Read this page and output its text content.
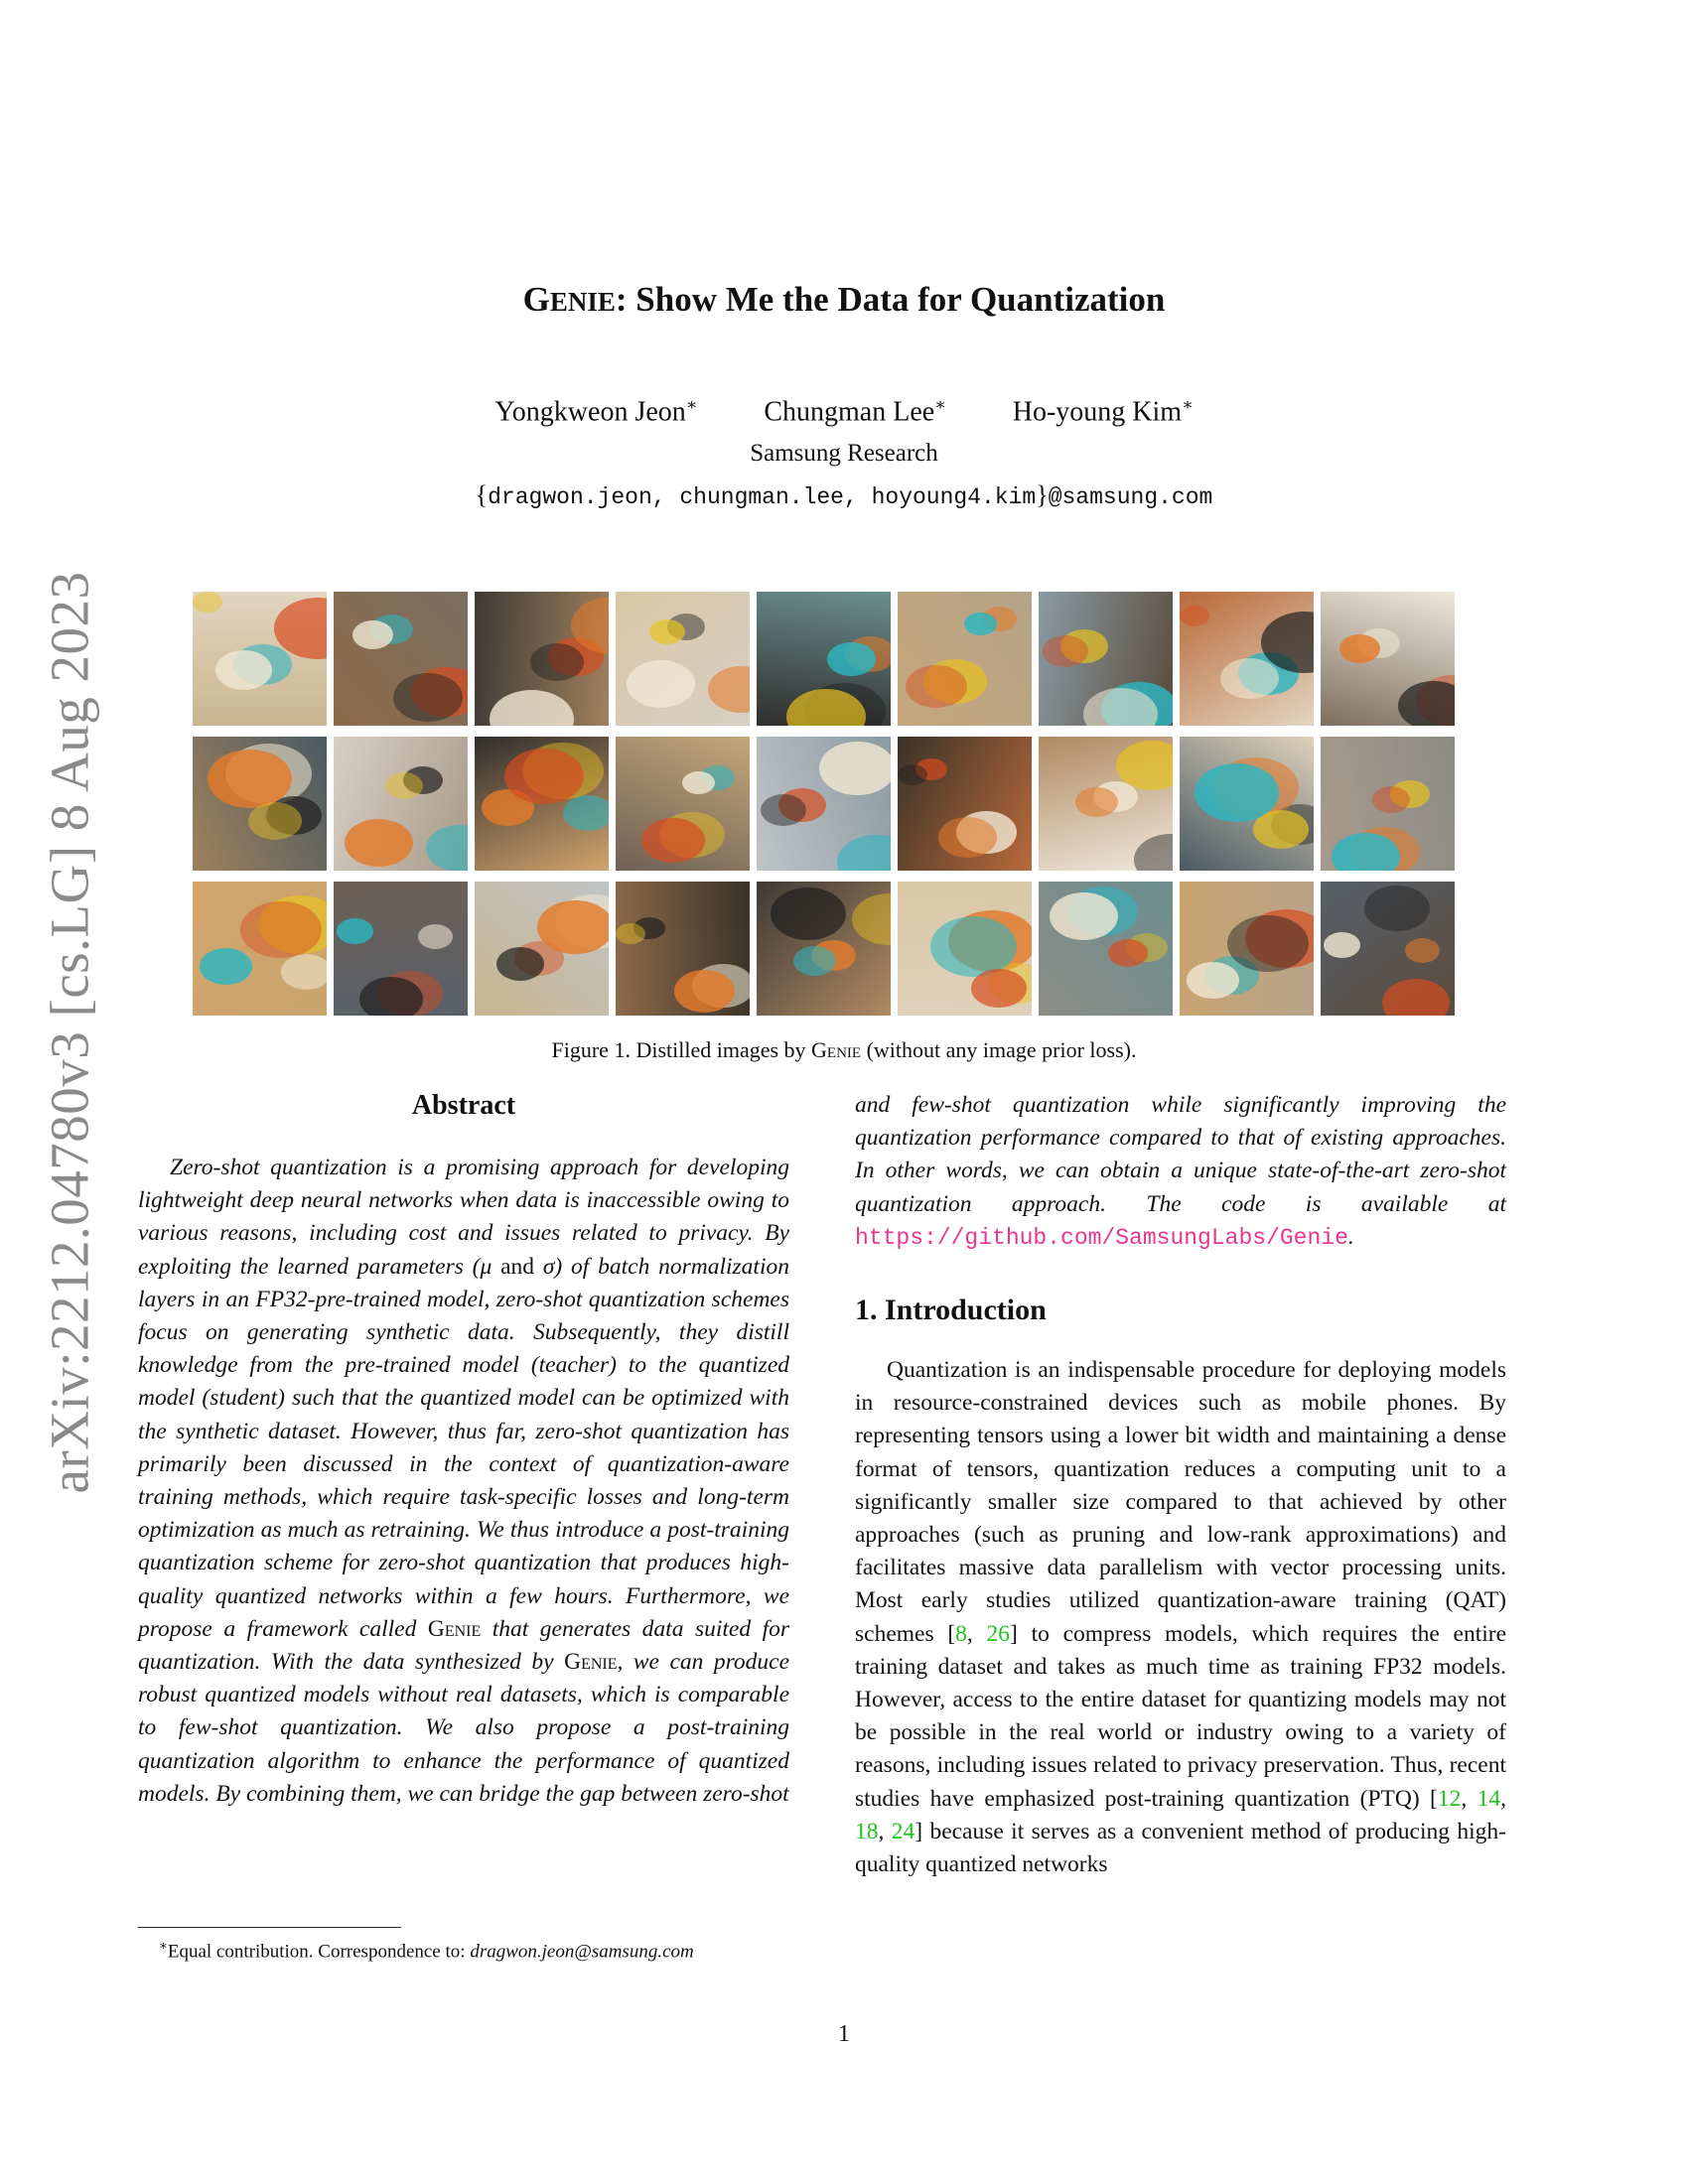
arXiv:2212.04780v3 [cs.LG] 8 Aug 2023
GENIE: Show Me the Data for Quantization
Yongkweon Jeon∗ Chungman Lee∗ Ho-young Kim∗
Samsung Research
{dragwon.jeon, chungman.lee, hoyoung4.kim}@samsung.com
Figure 1. Distilled images by Genie (without any image prior loss).
Abstract

Zero-shot quantization is a promising approach for developing lightweight deep neural networks when data is inaccessible owing to various reasons, including cost and issues related to privacy. By exploiting the learned parameters (μ and σ) of batch normalization layers in an FP32-pre-trained model, zero-shot quantization schemes focus on generating synthetic data. Subsequently, they distill knowledge from the pre-trained model (teacher) to the quantized model (student) such that the quantized model can be optimized with the synthetic dataset. However, thus far, zero-shot quantization has primarily been discussed in the context of quantization-aware training methods, which require task-specific losses and long-term optimization as much as retraining. We thus introduce a post-training quantization scheme for zero-shot quantization that produces high-quality quantized networks within a few hours. Furthermore, we propose a framework called Genie that generates data suited for quantization. With the data synthesized by Genie, we can produce robust quantized models without real datasets, which is comparable to few-shot quantization. We also propose a post-training quantization algorithm to enhance the performance of quantized models. By combining them, we can bridge the gap between zero-shot

and few-shot quantization while significantly improving the quantization performance compared to that of existing approaches. In other words, we can obtain a unique state-of-the-art zero-shot quantization approach. The code is available at https://github.com/SamsungLabs/Genie.

1. Introduction

Quantization is an indispensable procedure for deploying models in resource-constrained devices such as mobile phones. By representing tensors using a lower bit width and maintaining a dense format of tensors, quantization reduces a computing unit to a significantly smaller size compared to that achieved by other approaches (such as pruning and low-rank approximations) and facilitates massive data parallelism with vector processing units. Most early studies utilized quantization-aware training (QAT) schemes [8, 26] to compress models, which requires the entire training dataset and takes as much time as training FP32 models. However, access to the entire dataset for quantizing models may not be possible in the real world or industry owing to a variety of reasons, including issues related to privacy preservation. Thus, recent studies have emphasized post-training quantization (PTQ) [12, 14, 18, 24] because it serves as a convenient method of producing high-quality quantized networks

∗Equal contribution. Correspondence to: dragwon.jeon@samsung.com
1
